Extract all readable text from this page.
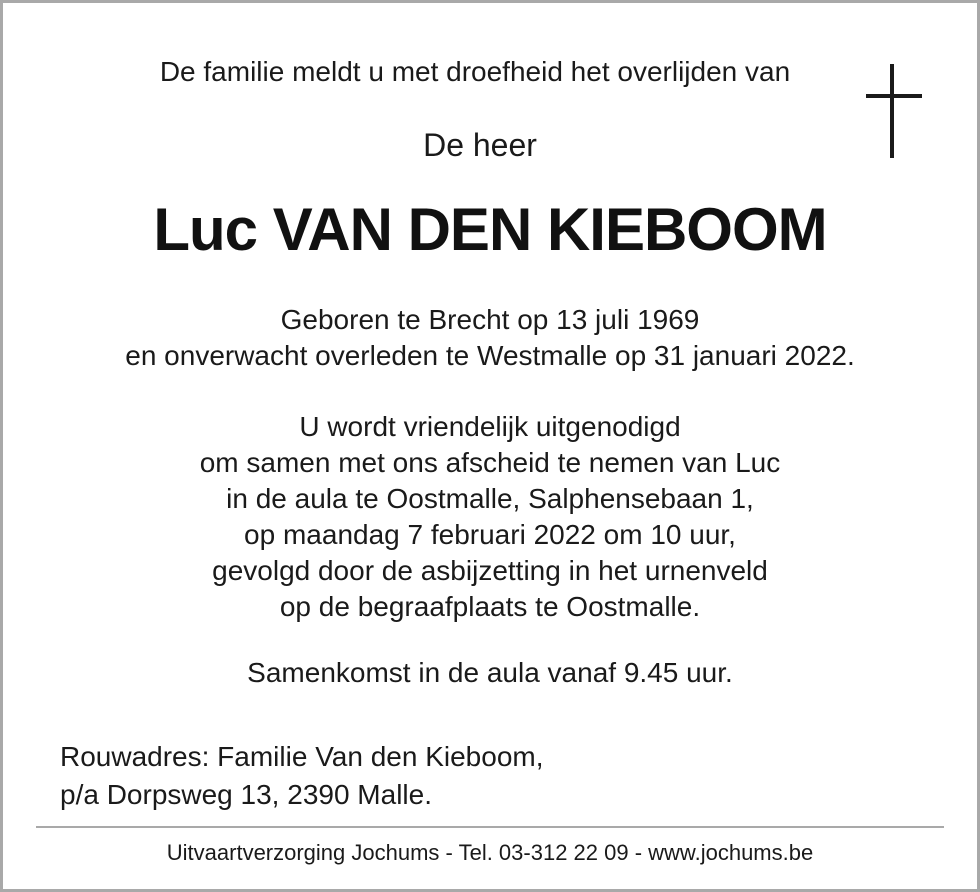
De familie meldt u met droefheid het overlijden van
De heer
Luc VAN DEN KIEBOOM
Geboren te Brecht op 13 juli 1969
en onverwacht overleden te Westmalle op 31 januari 2022.
U wordt vriendelijk uitgenodigd
om samen met ons afscheid te nemen van Luc
in de aula te Oostmalle, Salphensebaan 1,
op maandag 7 februari 2022 om 10 uur,
gevolgd door de asbijzetting in het urnenveld
op de begraafplaats te Oostmalle.
Samenkomst in de aula vanaf 9.45 uur.
Rouwadres: Familie Van den Kieboom,
p/a Dorpsweg 13, 2390 Malle.
Uitvaartverzorging Jochums - Tel. 03-312 22 09 - www.jochums.be
